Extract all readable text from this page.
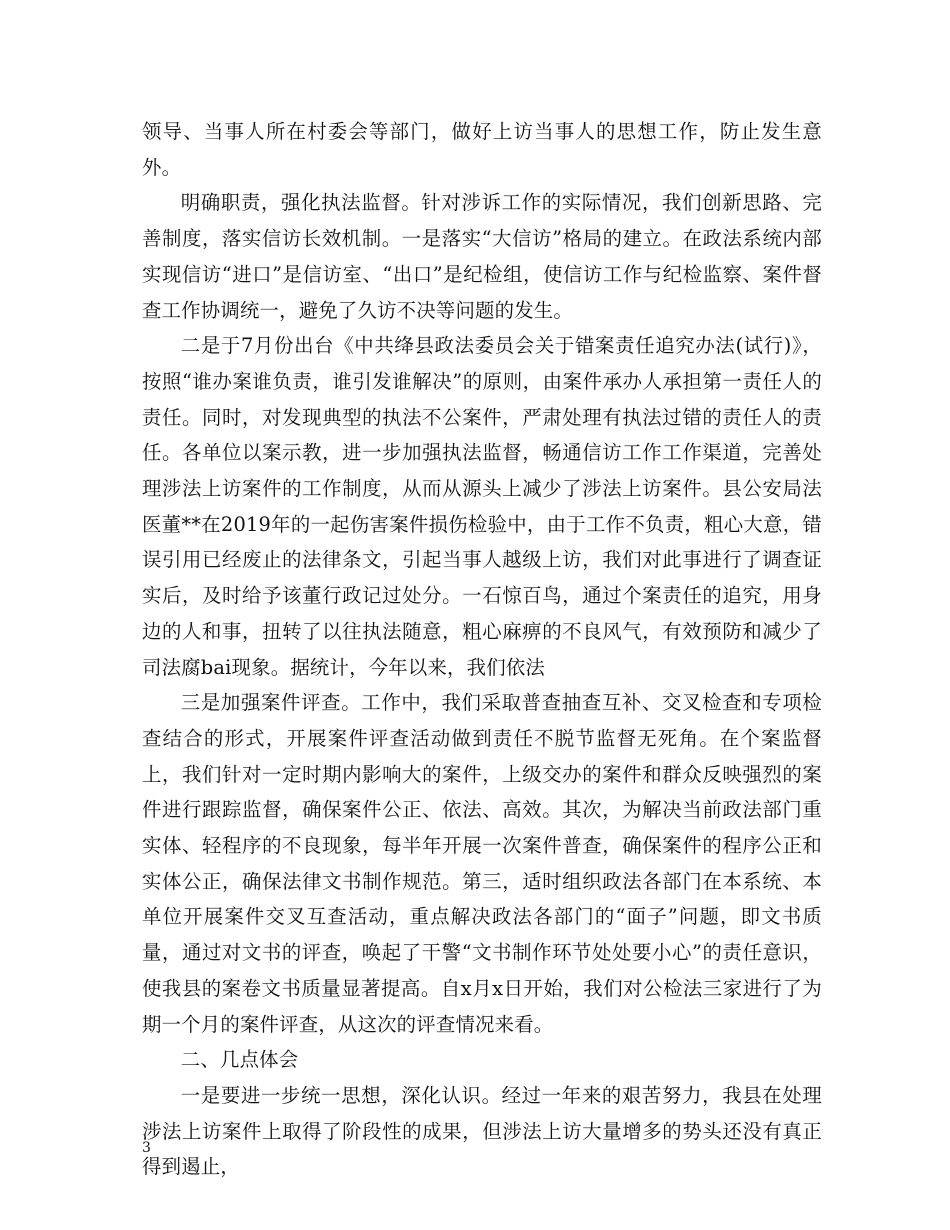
领导、当事人所在村委会等部门，做好上访当事人的思想工作，防止发生意外。

明确职责，强化执法监督。针对涉诉工作的实际情况，我们创新思路、完善制度，落实信访长效机制。一是落实“大信访”格局的建立。在政法系统内部实现信访“进口”是信访室、“出口”是纪检组，使信访工作与纪检监察、案件督查工作协调统一，避免了久访不决等问题的发生。

二是于7月份出台《中共绛县政法委员会关于错案责任追究办法(试行)》，按照“谁办案谁负责，谁引发谁解决”的原则，由案件承办人承担第一责任人的责任。同时，对发现典型的执法不公案件，严肃处理有执法过错的责任人的责任。各单位以案示教，进一步加强执法监督，畅通信访工作工作渠道，完善处理涉法上访案件的工作制度，从而从源头上减少了涉法上访案件。县公安局法医董**在2019年的一起伤害案件损伤检验中，由于工作不负责，粗心大意，错误引用已经废止的法律条文，引起当事人越级上访，我们对此事进行了调查证实后，及时给予该董行政记过处分。一石惊百鸟，通过个案责任的追究，用身边的人和事，扭转了以往执法随意，粗心麻痹的不良风气，有效预防和减少了司法腐bai现象。据统计，今年以来，我们依法

三是加强案件评查。工作中，我们采取普查抽查互补、交叉检查和专项检查结合的形式，开展案件评查活动做到责任不脱节监督无死角。在个案监督上，我们针对一定时期内影响大的案件，上级交办的案件和群众反映强烈的案件进行跟踪监督，确保案件公正、依法、高效。其次，为解决当前政法部门重实体、轻程序的不良现象，每半年开展一次案件普查，确保案件的程序公正和实体公正，确保法律文书制作规范。第三，适时组织政法各部门在本系统、本单位开展案件交叉互查活动，重点解决政法各部门的“面子”问题，即文书质量，通过对文书的评查，唤起了干警“文书制作环节处处要小心”的责任意识，使我县的案卷文书质量显著提高。自x月x日开始，我们对公检法三家进行了为期一个月的案件评查，从这次的评查情况来看。

二、几点体会

一是要进一步统一思想，深化认识。经过一年来的艰苦努力，我县在处理涉法上访案件上取得了阶段性的成果，但涉法上访大量增多的势头还没有真正得到遏止，

3
